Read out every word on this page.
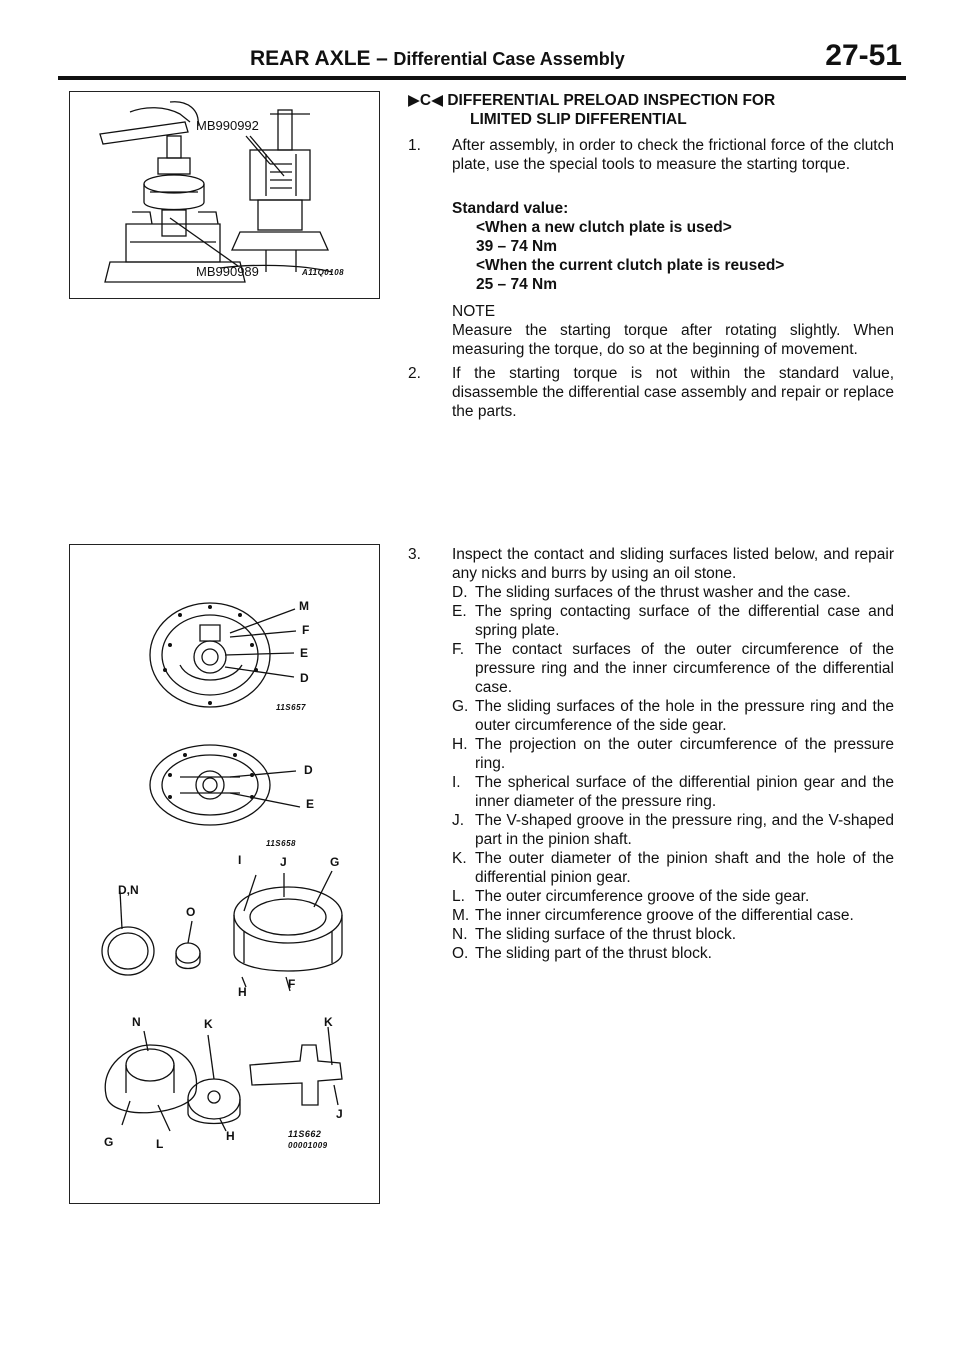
REAR AXLE – Differential Case Assembly	27-51
MB990992
MB990989	A11Q0108
M
F
E
D
11S657
D
E
11S658
I	J	G
D,N
O
H
F
N	K	K
J
G	L
H	11S662
00001009
▶C◀ DIFFERENTIAL PRELOAD INSPECTION FOR
LIMITED SLIP DIFFERENTIAL
1. After assembly, in order to check the frictional force of the clutch plate, use the special tools to measure the starting torque.
Standard value:
<When a new clutch plate is used>
39 – 74 Nm
<When the current clutch plate is reused>
25 – 74 Nm
NOTE
Measure the starting torque after rotating slightly. When measuring the torque, do so at the beginning of movement.
2. If the starting torque is not within the standard value, disassemble the differential case assembly and repair or replace the parts.
3. Inspect the contact and sliding surfaces listed below, and repair any nicks and burrs by using an oil stone.
D. The sliding surfaces of the thrust washer and the case.
E. The spring contacting surface of the differential case and spring plate.
F. The contact surfaces of the outer circumference of the pressure ring and the inner circumference of the differential case.
G. The sliding surfaces of the hole in the pressure ring and the outer circumference of the side gear.
H. The projection on the outer circumference of the pressure ring.
I. The spherical surface of the differential pinion gear and the inner diameter of the pressure ring.
J. The V-shaped groove in the pressure ring, and the V-shaped part in the pinion shaft.
K. The outer diameter of the pinion shaft and the hole of the differential pinion gear.
L. The outer circumference groove of the side gear.
M. The inner circumference groove of the differential case.
N. The sliding surface of the thrust block.
O. The sliding part of the thrust block.
